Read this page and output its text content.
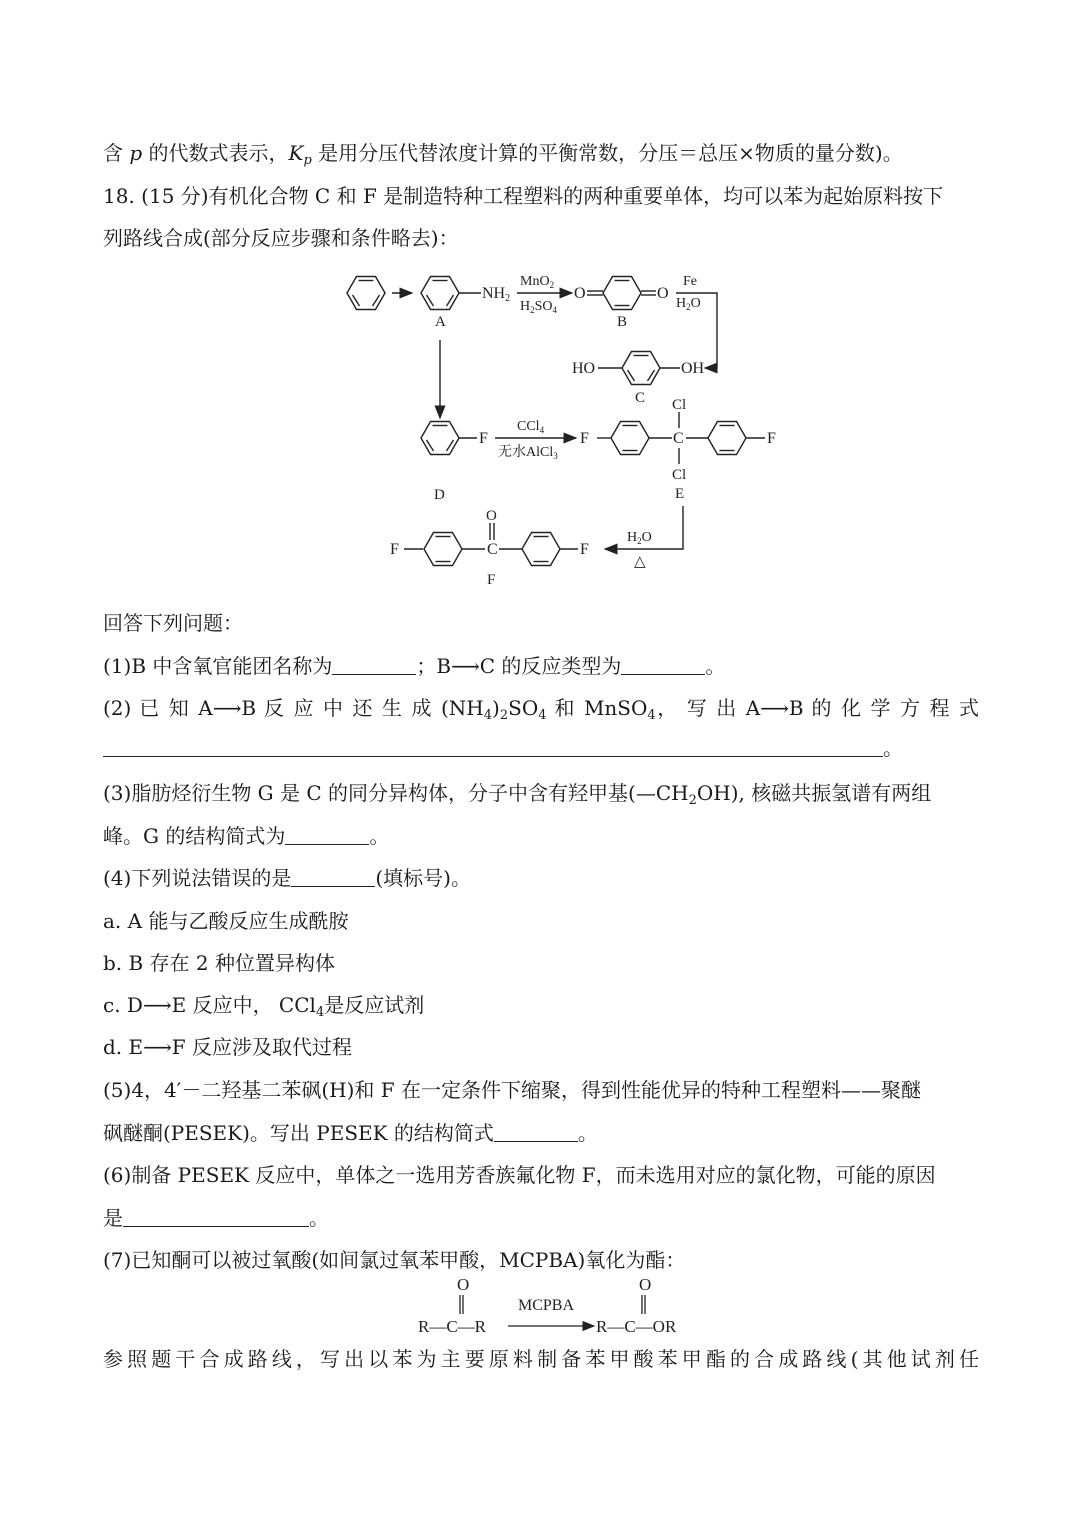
含 p 的代数式表示，$K_p$ 是用分压代替浓度计算的平衡常数，分压＝总压×物质的量分数)。
18. (15 分)有机化合物 C 和 F 是制造特种工程塑料的两种重要单体，均可以苯为起始原料按下
列路线合成(部分反应步骤和条件略去)：
NH2
A
MnO$_2$
$H_2SO_4$
O	O
B
Fe
$H_2O$
HO	OH
C
F
CCl$_4$
无水AlCl$_3$
F	C
Cl
Cl
E
F
D
F
O
C	F
F
$H_2O$
△
回答下列问题：
(1)B 中含氧官能团名称为	；B⟶C 的反应类型为	。
(2) 已 知 A⟶B 反 应 中 还 生 成 $(NH_4)_2SO_4$ 和 MnSO$_4$， 写 出 A⟶B 的 化 学 方 程 式
。
(3)脂肪烃衍生物 G 是 C 的同分异构体，分子中含有羟甲基$(—CH_2OH)$, 核磁共振氢谱有两组
峰。G 的结构简式为	。
(4)下列说法错误的是	(填标号)。
a. A 能与乙酸反应生成酰胺
b. B 存在 2 种位置异构体
c. D⟶E 反应中， CCl$_4$是反应试剂
d. E⟶F 反应涉及取代过程
(5)4，4′－二羟基二苯砜(H)和 F 在一定条件下缩聚，得到性能优异的特种工程塑料——聚醚
砜醚酮(PESEK)。写出 PESEK 的结构简式	。
(6)制备 PESEK 反应中，单体之一选用芳香族氟化物 F，而未选用对应的氯化物，可能的原因
是	。
(7)已知酮可以被过氧酸(如间氯过氧苯甲酸，MCPBA)氧化为酯：
O
R—C—R
MCPBA
O
R—C—OR
参照题干合成路线，写出以苯为主要原料制备苯甲酸苯甲酯的合成路线(其他试剂任
